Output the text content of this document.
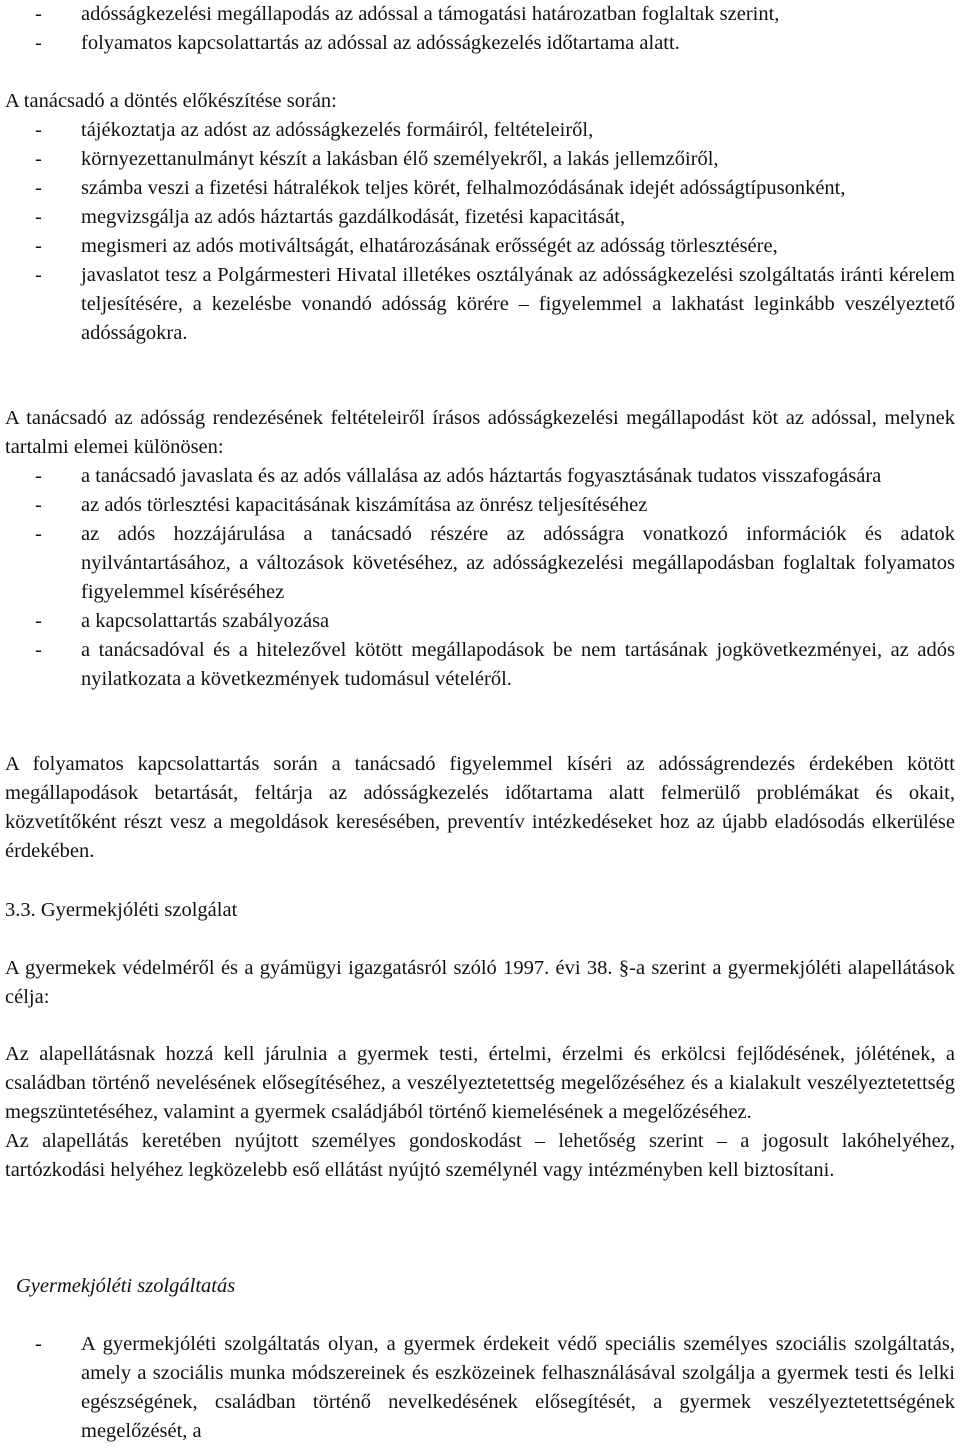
-	adósságkezelési megállapodás az adóssal a támogatási határozatban foglaltak szerint,
-	folyamatos kapcsolattartás az adóssal az adósságkezelés időtartama alatt.

A tanácsadó a döntés előkészítése során:

-	tájékoztatja az adóst az adósságkezelés formáiról, feltételeiről,
-	környezettanulmányt készít a lakásban élő személyekről, a lakás jellemzőiről,
-	számba veszi a fizetési hátralékok teljes körét, felhalmozódásának idejét adósságtípusonként,
-	megvizsgálja az adós háztartás gazdálkodását, fizetési kapacitását,
-	megismeri az adós motiváltságát, elhatározásának erősségét az adósság törlesztésére,
-	javaslatot tesz a Polgármesteri Hivatal illetékes osztályának az adósságkezelési szolgáltatás iránti kérelem teljesítésére, a kezelésbe vonandó adósság körére – figyelemmel a lakhatást leginkább veszélyeztető adósságokra.

A tanácsadó az adósság rendezésének feltételeiről írásos adósságkezelési megállapodást köt az adóssal, melynek tartalmi elemei különösen:

-	a tanácsadó javaslata és az adós vállalása az adós háztartás fogyasztásának tudatos visszafogására
-	az adós törlesztési kapacitásának kiszámítása az önrész teljesítéséhez
-	az adós hozzájárulása a tanácsadó részére az adósságra vonatkozó információk és adatok nyilvántartásához, a változások követéséhez, az adósságkezelési megállapodásban foglaltak folyamatos figyelemmel kíséréséhez
-	a kapcsolattartás szabályozása
-	a tanácsadóval és a hitelezővel kötött megállapodások be nem tartásának jogkövetkezményei, az adós nyilatkozata a következmények tudomásul vételéről.

A folyamatos kapcsolattartás során a tanácsadó figyelemmel kíséri az adósságrendezés érdekében kötött megállapodások betartását, feltárja az adósságkezelés időtartama alatt felmerülő problémákat és okait, közvetítőként részt vesz a megoldások keresésében, preventív intézkedéseket hoz az újabb eladósodás elkerülése érdekében.

3.3. Gyermekjóléti szolgálat

A gyermekek védelméről és a gyámügyi igazgatásról szóló 1997. évi 38. §-a szerint a gyermekjóléti alapellátások célja:

Az alapellátásnak hozzá kell járulnia a gyermek testi, értelmi, érzelmi és erkölcsi fejlődésének, jólétének, a családban történő nevelésének elősegítéséhez, a veszélyeztetettség megelőzéséhez és a kialakult veszélyeztetettség megszüntetéséhez, valamint a gyermek családjából történő kiemelésének a megelőzéséhez.

Az alapellátás keretében nyújtott személyes gondoskodást – lehetőség szerint – a jogosult lakóhelyéhez, tartózkodási helyéhez legközelebb eső ellátást nyújtó személynél vagy intézményben kell biztosítani.

Gyermekjóléti szolgáltatás

-	A gyermekjóléti szolgáltatás olyan, a gyermek érdekeit védő speciális személyes szociális szolgáltatás, amely a szociális munka módszereinek és eszközeinek felhasználásával szolgálja a gyermek testi és lelki egészségének, családban történő nevelkedésének elősegítését, a gyermek veszélyeztetettségének megelőzését, a
